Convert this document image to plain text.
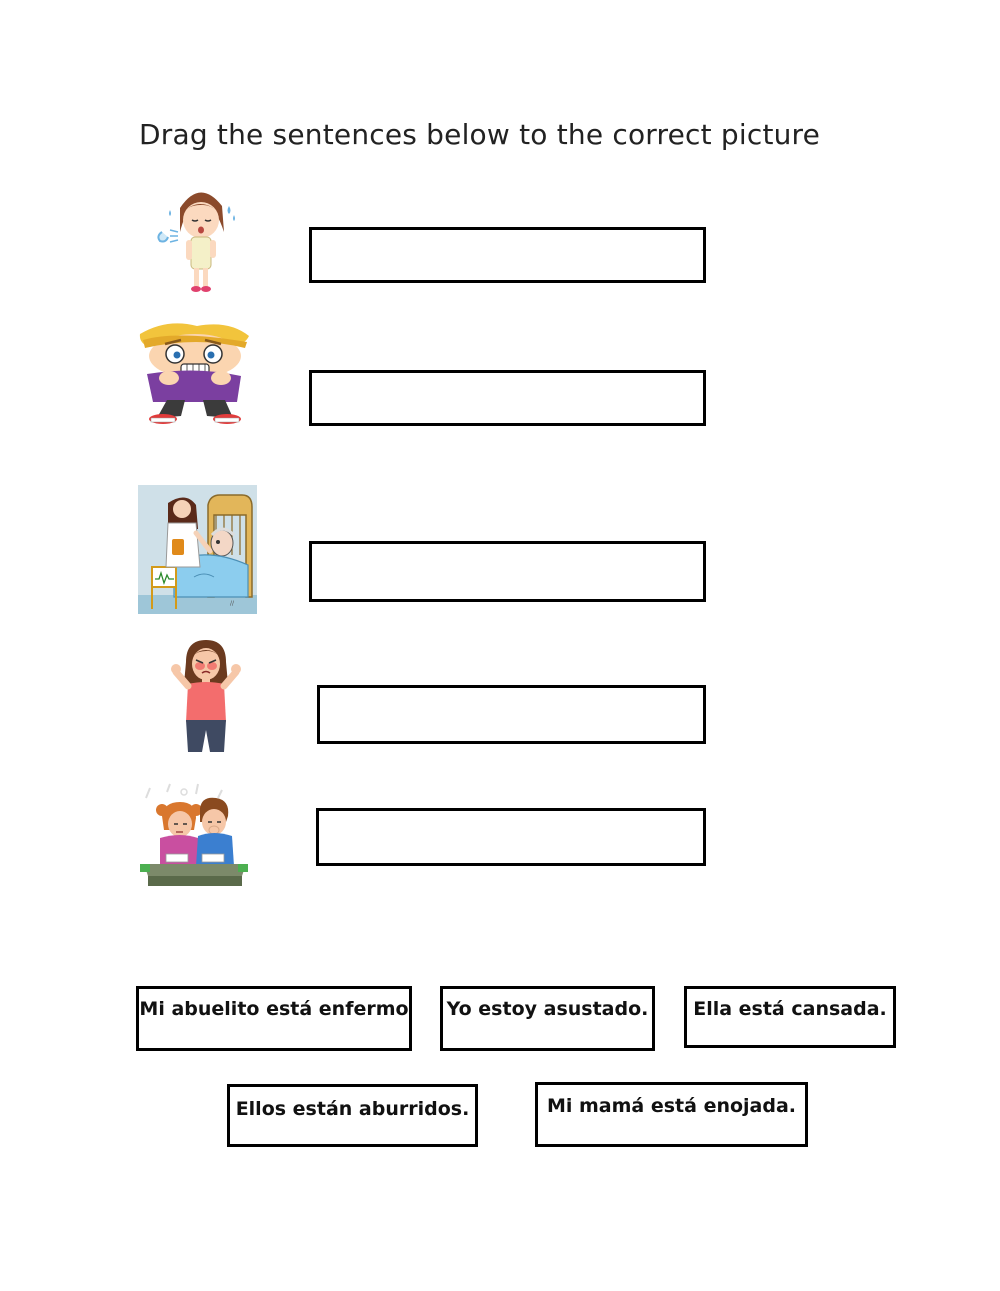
Drag the sentences below to the correct picture
//
Mi abuelito está enfermo Yo estoy asustado.	Ella está cansada.
Ellos están aburridos.	Mi mamá está enojada.
